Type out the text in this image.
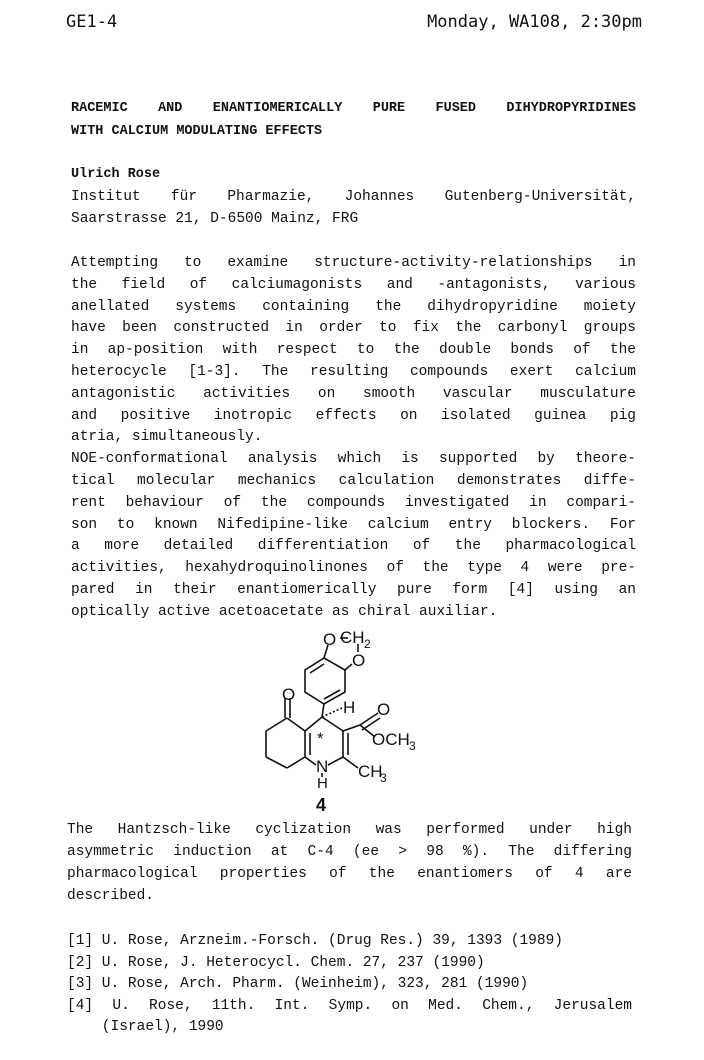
GE1-4	Monday, WA108, 2:30pm
RACEMIC AND ENANTIOMERICALLY PURE FUSED DIHYDROPYRIDINES
WITH CALCIUM MODULATING EFFECTS
Ulrich Rose
Institut für Pharmazie, Johannes Gutenberg-Universität,
Saarstrasse 21, D-6500 Mainz, FRG
Attempting to examine structure-activity-relationships in
the field of calciumagonists and -antagonists, various
anellated systems containing the dihydropyridine moiety
have been constructed in order to fix the carbonyl groups
in ap-position with respect to the double bonds of the
heterocycle [1-3]. The resulting compounds exert calcium
antagonistic activities on smooth vascular musculature
and positive inotropic effects on isolated guinea pig
atria, simultaneously.
NOE-conformational analysis which is supported by theore-
tical molecular mechanics calculation demonstrates diffe-
rent behaviour of the compounds investigated in compari-
son to known Nifedipine-like calcium entry blockers. For
a more detailed differentiation of the pharmacological
activities, hexahydroquinolinones of the type 4 were pre-
pared in their enantiomerically pure form [4] using an
optically active acetoacetate as chiral auxiliar.
O CH 2
O
O
H O
OCH 3
*
N
H
CH
3
4
The Hantzsch-like cyclization was performed under high
asymmetric induction at C-4 (ee > 98 %). The differing
pharmacological properties of the enantiomers of 4 are
described.
[1] U. Rose, Arzneim.-Forsch. (Drug Res.) 39, 1393 (1989)
[2] U. Rose, J. Heterocycl. Chem. 27, 237 (1990)
[3] U. Rose, Arch. Pharm. (Weinheim), 323, 281 (1990)
[4] U. Rose, 11th. Int. Symp. on Med. Chem., Jerusalem
(Israel), 1990
